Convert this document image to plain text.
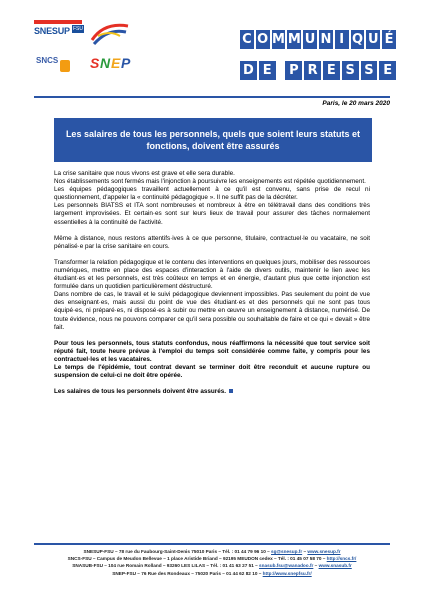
SNESUP FSU
SNCS S N E P
C O M M U N I Q U É
D E	P R E S S E
Paris, le 20 mars 2020
Les salaires de tous les personnels, quels que soient leurs statuts et fonctions, doivent être assurés

La crise sanitaire que nous vivons est grave et elle sera durable.

Nos établissements sont fermés mais l'injonction à poursuivre les enseignements est répétée quotidiennement.

Les équipes pédagogiques travaillent actuellement à ce qu'il est convenu, sans prise de recul ni questionnement, d'appeler la « continuité pédagogique ». Il ne suffit pas de la décréter.

Les personnels BIATSS et ITA sont nombreuses et nombreux à être en télétravail dans des conditions très largement improvisées. Et certain·es sont sur leurs lieux de travail pour assurer des tâches normalement essentielles à la continuité de l'activité.

Même à distance, nous restons attentifs·ives à ce que personne, titulaire, contractuel·le ou vacataire, ne soit pénalisé·e par la crise sanitaire en cours.

Transformer la relation pédagogique et le contenu des interventions en quelques jours, mobiliser des ressources numériques, mettre en place des espaces d'interaction à l'aide de divers outils, maintenir le lien avec les étudiant·es et les personnels, est très coûteux en temps et en énergie, d'autant plus que cette injonction est formulée dans un quotidien particulièrement déstructuré.

Dans nombre de cas, le travail et le suivi pédagogique deviennent impossibles. Pas seulement du point de vue des enseignant·es, mais aussi du point de vue des étudiant·es et des personnels qui ne sont pas tous équipé·es, ni préparé·es, ni disposé·es à subir ou mettre en œuvre un enseignement à distance, numérisé. De toute évidence, nous ne pouvons comparer ce qu'il sera possible ou souhaitable de faire et ce qui « devait » être fait.

Pour tous les personnels, tous statuts confondus, nous réaffirmons la nécessité que tout service soit réputé fait, toute heure prévue à l'emploi du temps soit considérée comme faite, y compris pour les contractuel·les et les vacataires.

Le temps de l'épidémie, tout contrat devant se terminer doit être reconduit et aucune rupture ou suspension de celui-ci ne doit être opérée.

Les salaires de tous les personnels doivent être assurés.

SNESUP-FSU – 78 rue du Faubourg-Saint-Denis 75010 Paris – Tél. : 01 44 79 96 10 – sg@snesup.fr – www.snesup.fr
SNCS-FSU – Campus de Meudon Bellevue – 1 place Aristide Briand – 92195 MEUDON cedex – Tél. : 01 45 07 58 70 – http://sncs.fr/
SNASUB-FSU – 104 rue Romain Rolland – 93260 LES LILAS – Tél. : 01 41 63 27 51 – snasub.fsu@wanadoo.fr – www.snasub.fr
SNEP-FSU – 76 Rue des Rondeaux – 75020 Paris – 01 44 62 82 10 – http://www.snepfsu.fr/
